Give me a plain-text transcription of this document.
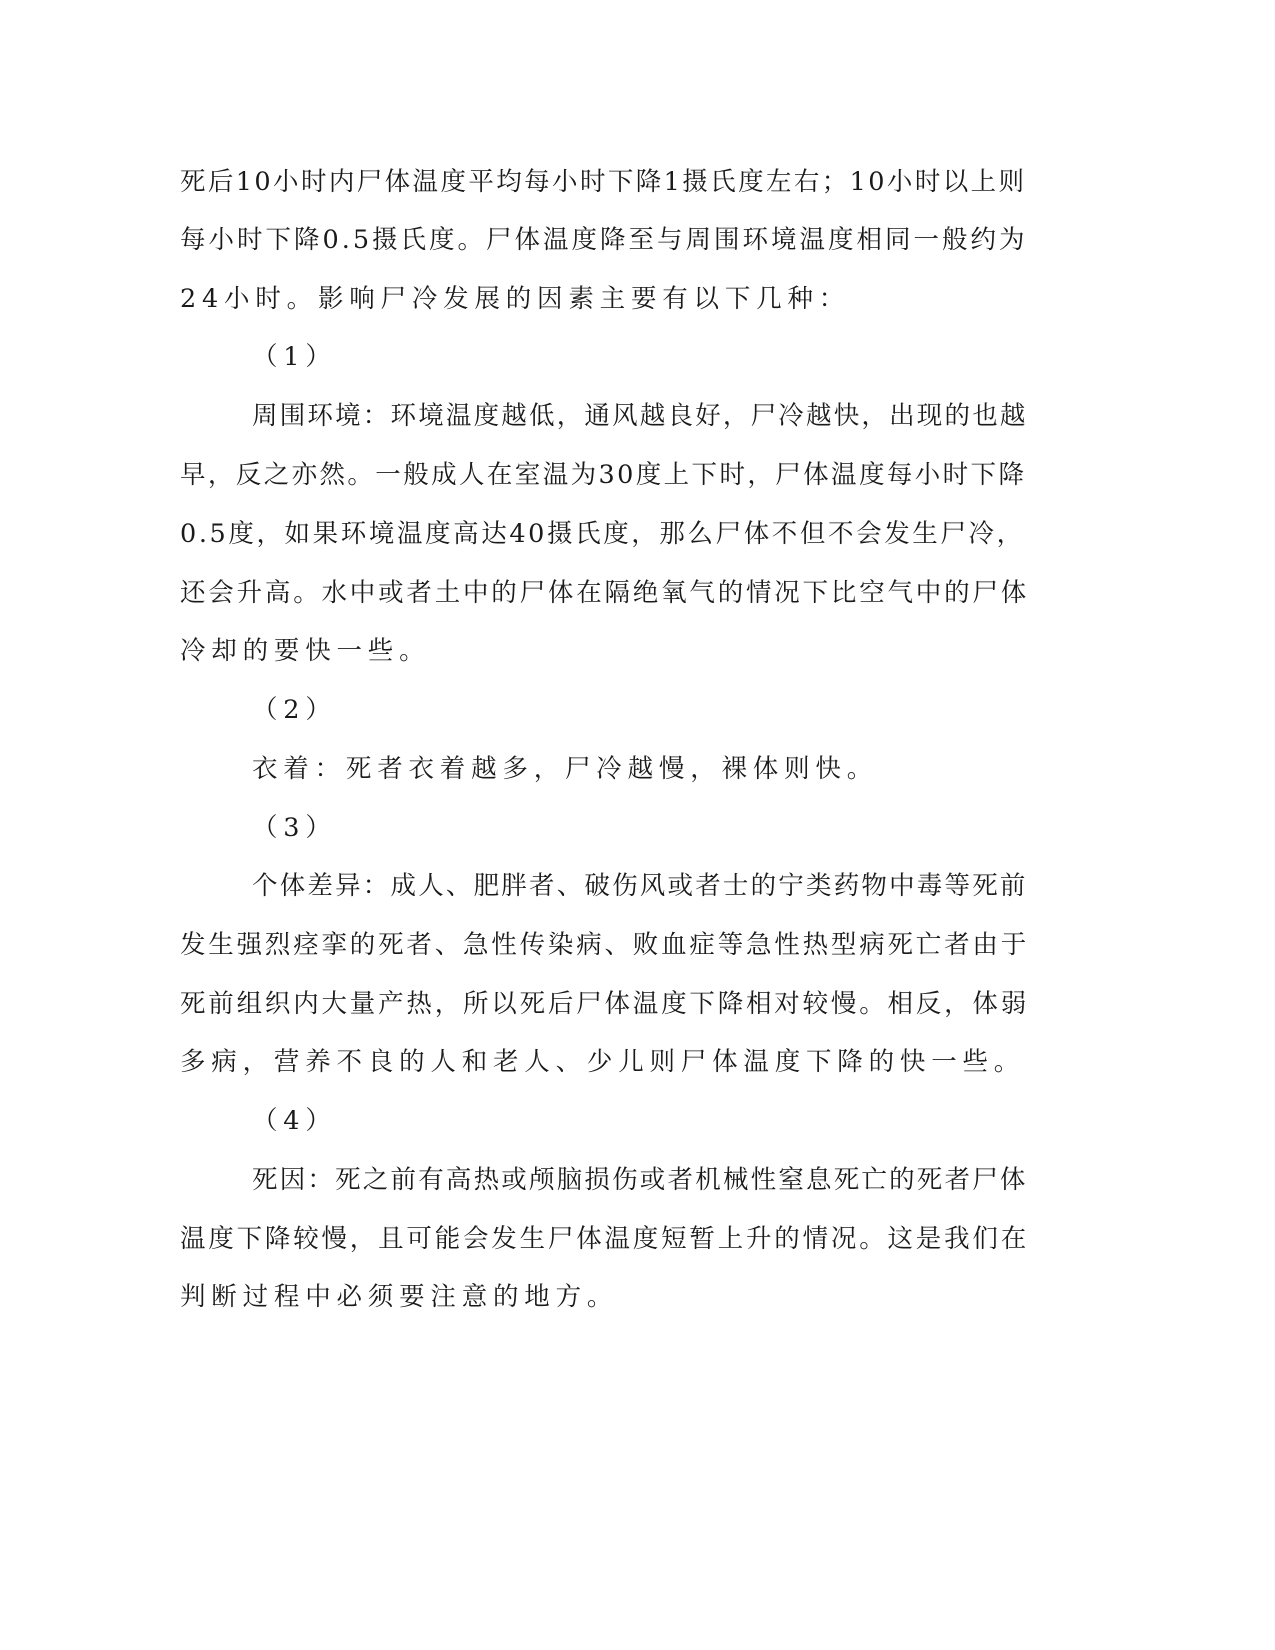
死后10小时内尸体温度平均每小时下降1摄氏度左右；10小时以上则
每小时下降0.5摄氏度。尸体温度降至与周围环境温度相同一般约为
24小时。影响尸冷发展的因素主要有以下几种：
（1）
周围环境：环境温度越低，通风越良好，尸冷越快，出现的也越
早，反之亦然。一般成人在室温为30度上下时，尸体温度每小时下降
0.5度，如果环境温度高达40摄氏度，那么尸体不但不会发生尸冷，
还会升高。水中或者土中的尸体在隔绝氧气的情况下比空气中的尸体
冷却的要快一些。
（2）
衣着：死者衣着越多，尸冷越慢，裸体则快。
（3）
个体差异：成人、肥胖者、破伤风或者士的宁类药物中毒等死前
发生强烈痉挛的死者、急性传染病、败血症等急性热型病死亡者由于
死前组织内大量产热，所以死后尸体温度下降相对较慢。相反，体弱
多病，营养不良的人和老人、少儿则尸体温度下降的快一些。
（4）
死因：死之前有高热或颅脑损伤或者机械性窒息死亡的死者尸体
温度下降较慢，且可能会发生尸体温度短暂上升的情况。这是我们在
判断过程中必须要注意的地方。
